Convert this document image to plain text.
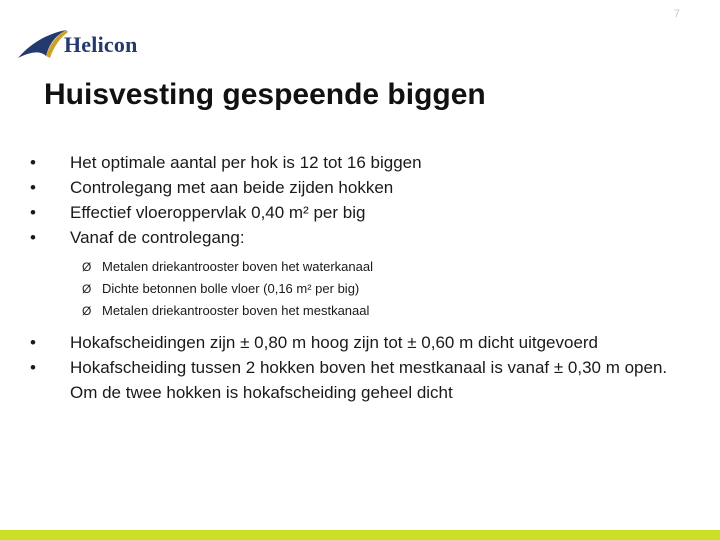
7
Helicon
Huisvesting gespeende biggen
•	Het optimale aantal per hok is 12 tot 16 biggen
•	Controlegang met aan beide zijden hokken
•	Effectief vloeroppervlak 0,40 m² per big
•	Vanaf de controlegang:
Ø Metalen driekantrooster boven het waterkanaal
Ø Dichte betonnen bolle vloer (0,16 m² per big)
Ø Metalen driekantrooster boven het mestkanaal
•	Hokafscheidingen zijn ± 0,80 m hoog zijn tot ± 0,60 m dicht uitgevoerd
•	Hokafscheiding tussen 2 hokken boven het mestkanaal is vanaf ± 0,30 m open. Om de twee hokken is hokafscheiding geheel dicht
